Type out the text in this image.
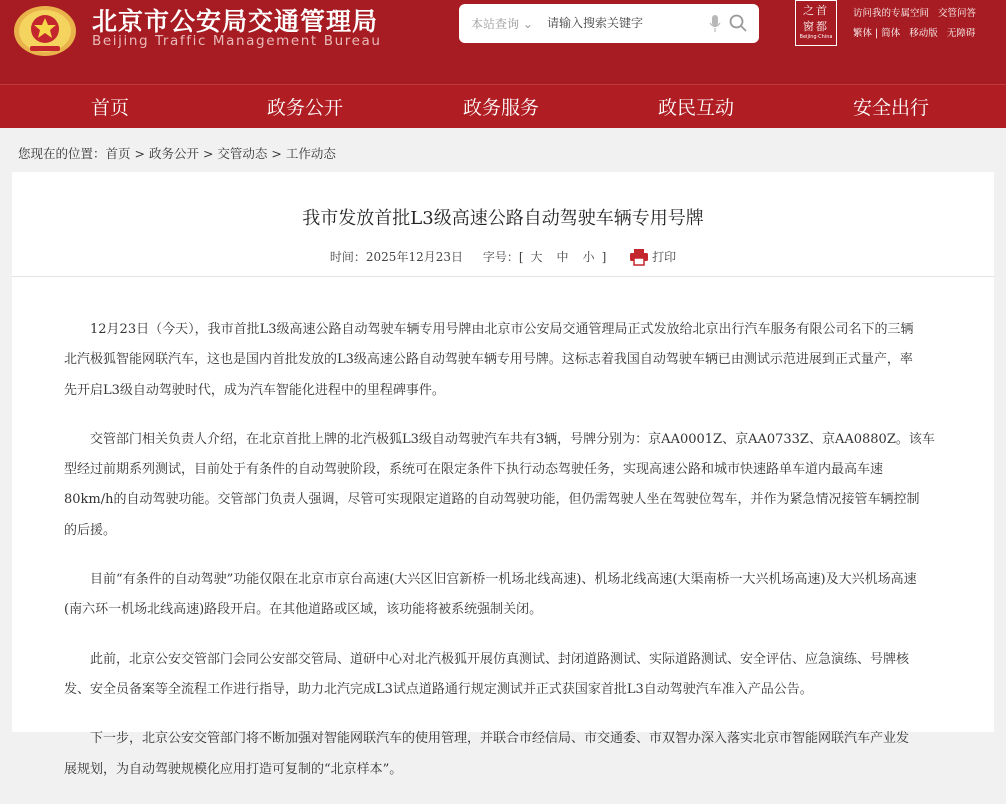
北京市公安局交通管理局
Beijing Traffic Management Bureau
本站查询 ⌄
请输入搜索关键字
之首
窗都
Beijing·China
访问我的专属空间 交管问答
繁体 | 简体 移动版 无障碍
首页	政务公开	政务服务	政民互动	安全出行
您现在的位置：首页 > 政务公开 > 交管动态 > 工作动态
我市发放首批L3级高速公路自动驾驶车辆专用号牌
时间：2025年12月23日 字号：[ 大 中 小 ]	打印

　　12月23日（今天），我市首批L3级高速公路自动驾驶车辆专用号牌由北京市公安局交通管理局正式发放给北京出行汽车服务有限公司名下的三辆
北汽极狐智能网联汽车，这也是国内首批发放的L3级高速公路自动驾驶车辆专用号牌。这标志着我国自动驾驶车辆已由测试示范进展到正式量产，率
先开启L3级自动驾驶时代，成为汽车智能化进程中的里程碑事件。

　　交管部门相关负责人介绍，在北京首批上牌的北汽极狐L3级自动驾驶汽车共有3辆，号牌分别为：京AA0001Z、京AA0733Z、京AA0880Z。该车
型经过前期系列测试，目前处于有条件的自动驾驶阶段，系统可在限定条件下执行动态驾驶任务，实现高速公路和城市快速路单车道内最高车速
80km/h的自动驾驶功能。交管部门负责人强调，尽管可实现限定道路的自动驾驶功能，但仍需驾驶人坐在驾驶位驾车，并作为紧急情况接管车辆控制
的后援。

　　目前“有条件的自动驾驶”功能仅限在北京市京台高速(大兴区旧宫新桥一机场北线高速)、机场北线高速(大渠南桥一大兴机场高速)及大兴机场高速
(南六环一机场北线高速)路段开启。在其他道路或区域，该功能将被系统强制关闭。

　　此前，北京公安交管部门会同公安部交管局、道研中心对北汽极狐开展仿真测试、封闭道路测试、实际道路测试、安全评估、应急演练、号牌核
发、安全员备案等全流程工作进行指导，助力北汽完成L3试点道路通行规定测试并正式获国家首批L3自动驾驶汽车准入产品公告。

　　下一步，北京公安交管部门将不断加强对智能网联汽车的使用管理，并联合市经信局、市交通委、市双智办深入落实北京市智能网联汽车产业发
展规划，为自动驾驶规模化应用打造可复制的“北京样本”。
